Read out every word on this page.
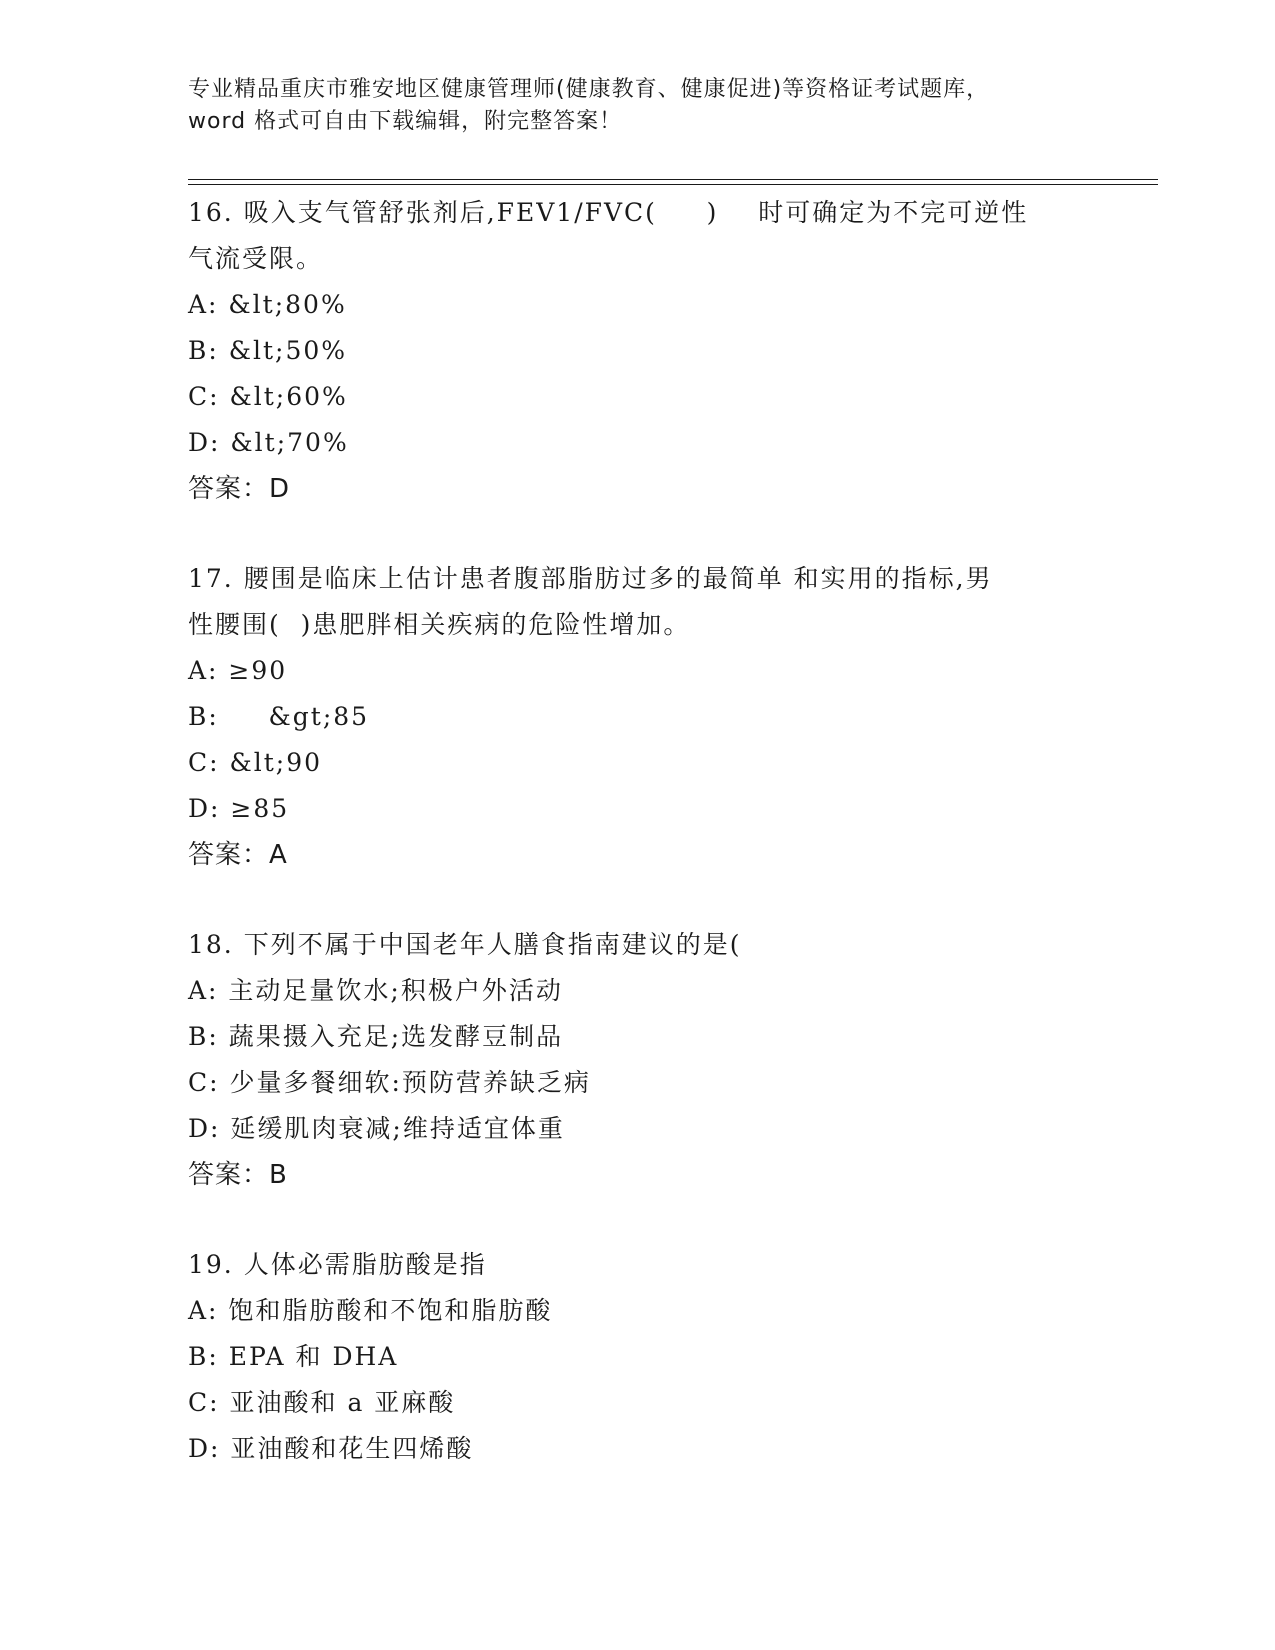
专业精品重庆市雅安地区健康管理师(健康教育、健康促进)等资格证考试题库，
word 格式可自由下载编辑，附完整答案！
16. 吸入支气管舒张剂后,FEV1/FVC(     )    时可确定为不完可逆性
气流受限。
A: &lt;80%
B: &lt;50%
C: &lt;60%
D: &lt;70%
答案：D
17. 腰围是临床上估计患者腹部脂肪过多的最简单 和实用的指标,男
性腰围(  )患肥胖相关疾病的危险性增加。
A: ≥90
B:     &gt;85
C: &lt;90
D: ≥85
答案：A
18. 下列不属于中国老年人膳食指南建议的是(
A: 主动足量饮水;积极户外活动
B: 蔬果摄入充足;选发酵豆制品
C: 少量多餐细软:预防营养缺乏病
D: 延缓肌肉衰减;维持适宜体重
答案：B
19. 人体必需脂肪酸是指
A: 饱和脂肪酸和不饱和脂肪酸
B: EPA 和 DHA
C: 亚油酸和 a 亚麻酸
D: 亚油酸和花生四烯酸
